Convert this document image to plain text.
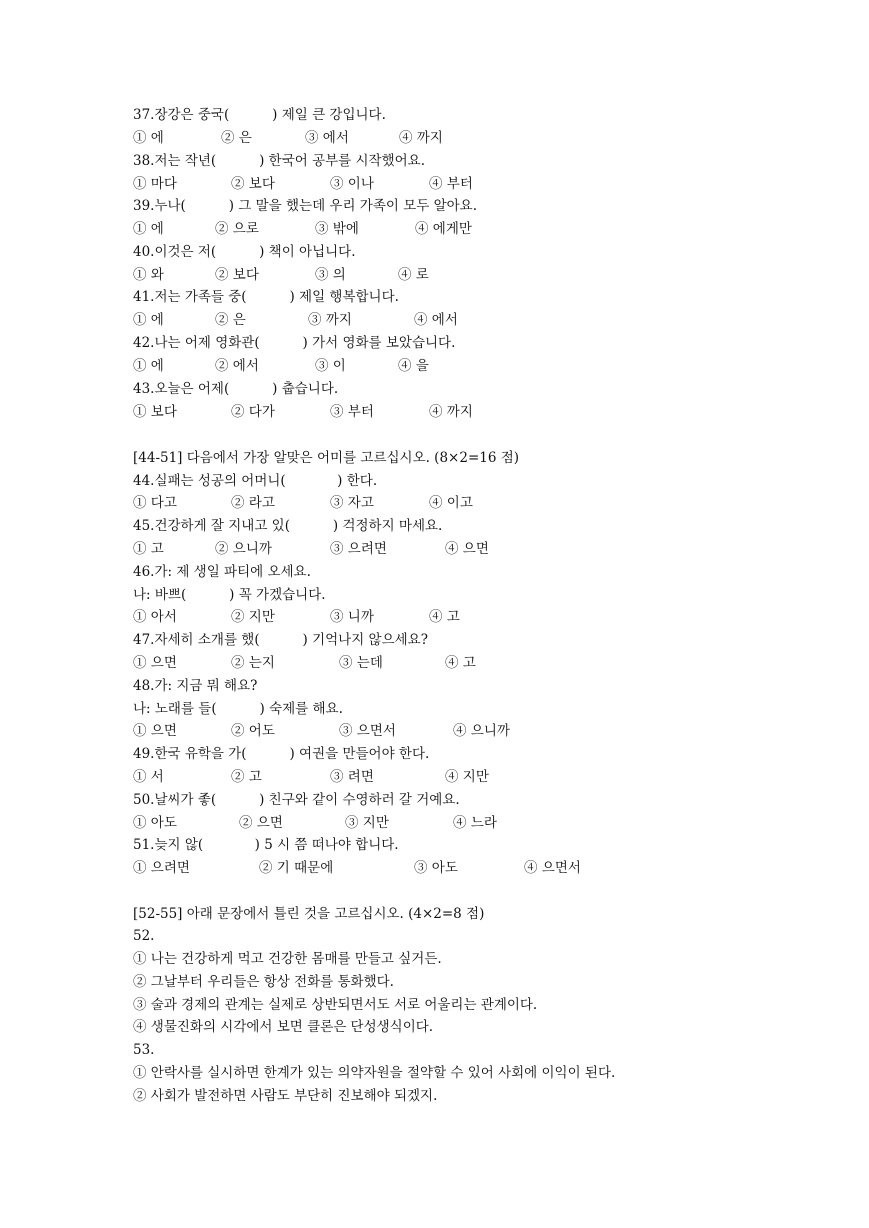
37.장강은 중국(          ) 제일 큰 강입니다.
① 에	② 은	③ 에서	④ 까지
38.저는 작년(          ) 한국어 공부를 시작했어요.
① 마다	② 보다	③ 이나	④ 부터
39.누나(          ) 그 말을 했는데 우리 가족이 모두 알아요.
① 에	② 으로	③ 밖에	④ 에게만
40.이것은 저(          ) 책이 아닙니다.
① 와	② 보다	③ 의	④ 로
41.저는 가족들 중(          ) 제일 행복합니다.
① 에	② 은	③ 까지	④ 에서
42.나는 어제 영화관(          ) 가서 영화를 보았습니다.
① 에	② 에서	③ 이	④ 을
43.오늘은 어제(          ) 춥습니다.
① 보다	② 다가	③ 부터	④ 까지
[44-51] 다음에서 가장 알맞은 어미를 고르십시오. (8×2=16 점)
44.실패는 성공의 어머니(            ) 한다.
① 다고	② 라고	③ 자고	④ 이고
45.건강하게 잘 지내고 있(          ) 걱정하지 마세요.
① 고	② 으니까	③ 으려면	④ 으면
46.가: 제 생일 파티에 오세요.
나: 바쁘(          ) 꼭 가겠습니다.
① 아서	② 지만	③ 니까	④ 고
47.자세히 소개를 했(          ) 기억나지 않으세요?
① 으면	② 는지	③ 는데	④ 고
48.가: 지금 뭐 해요?
나: 노래를 들(          ) 숙제를 해요.
① 으면	② 어도	③ 으면서	④ 으니까
49.한국 유학을 가(          ) 여권을 만들어야 한다.
① 서	② 고	③ 려면	④ 지만
50.날씨가 좋(          ) 친구와 같이 수영하러 갈 거예요.
① 아도	② 으면	③ 지만	④ 느라
51.늦지 않(            ) 5 시 쯤 떠나야 합니다.
① 으려면	② 기 때문에	③ 아도	④ 으면서
[52-55] 아래 문장에서 틀린 것을 고르십시오. (4×2=8 점)
52.
① 나는 건강하게 먹고 건강한 몸매를 만들고 싶거든.
② 그날부터 우리들은 항상 전화를 통화했다.
③ 술과 경제의 관계는 실제로 상반되면서도 서로 어울리는 관계이다.
④ 생물진화의 시각에서 보면 클론은 단성생식이다.
53.
① 안락사를 실시하면 한계가 있는 의약자원을 절약할 수 있어 사회에 이익이 된다.
② 사회가 발전하면 사람도 부단히 진보해야 되겠지.
